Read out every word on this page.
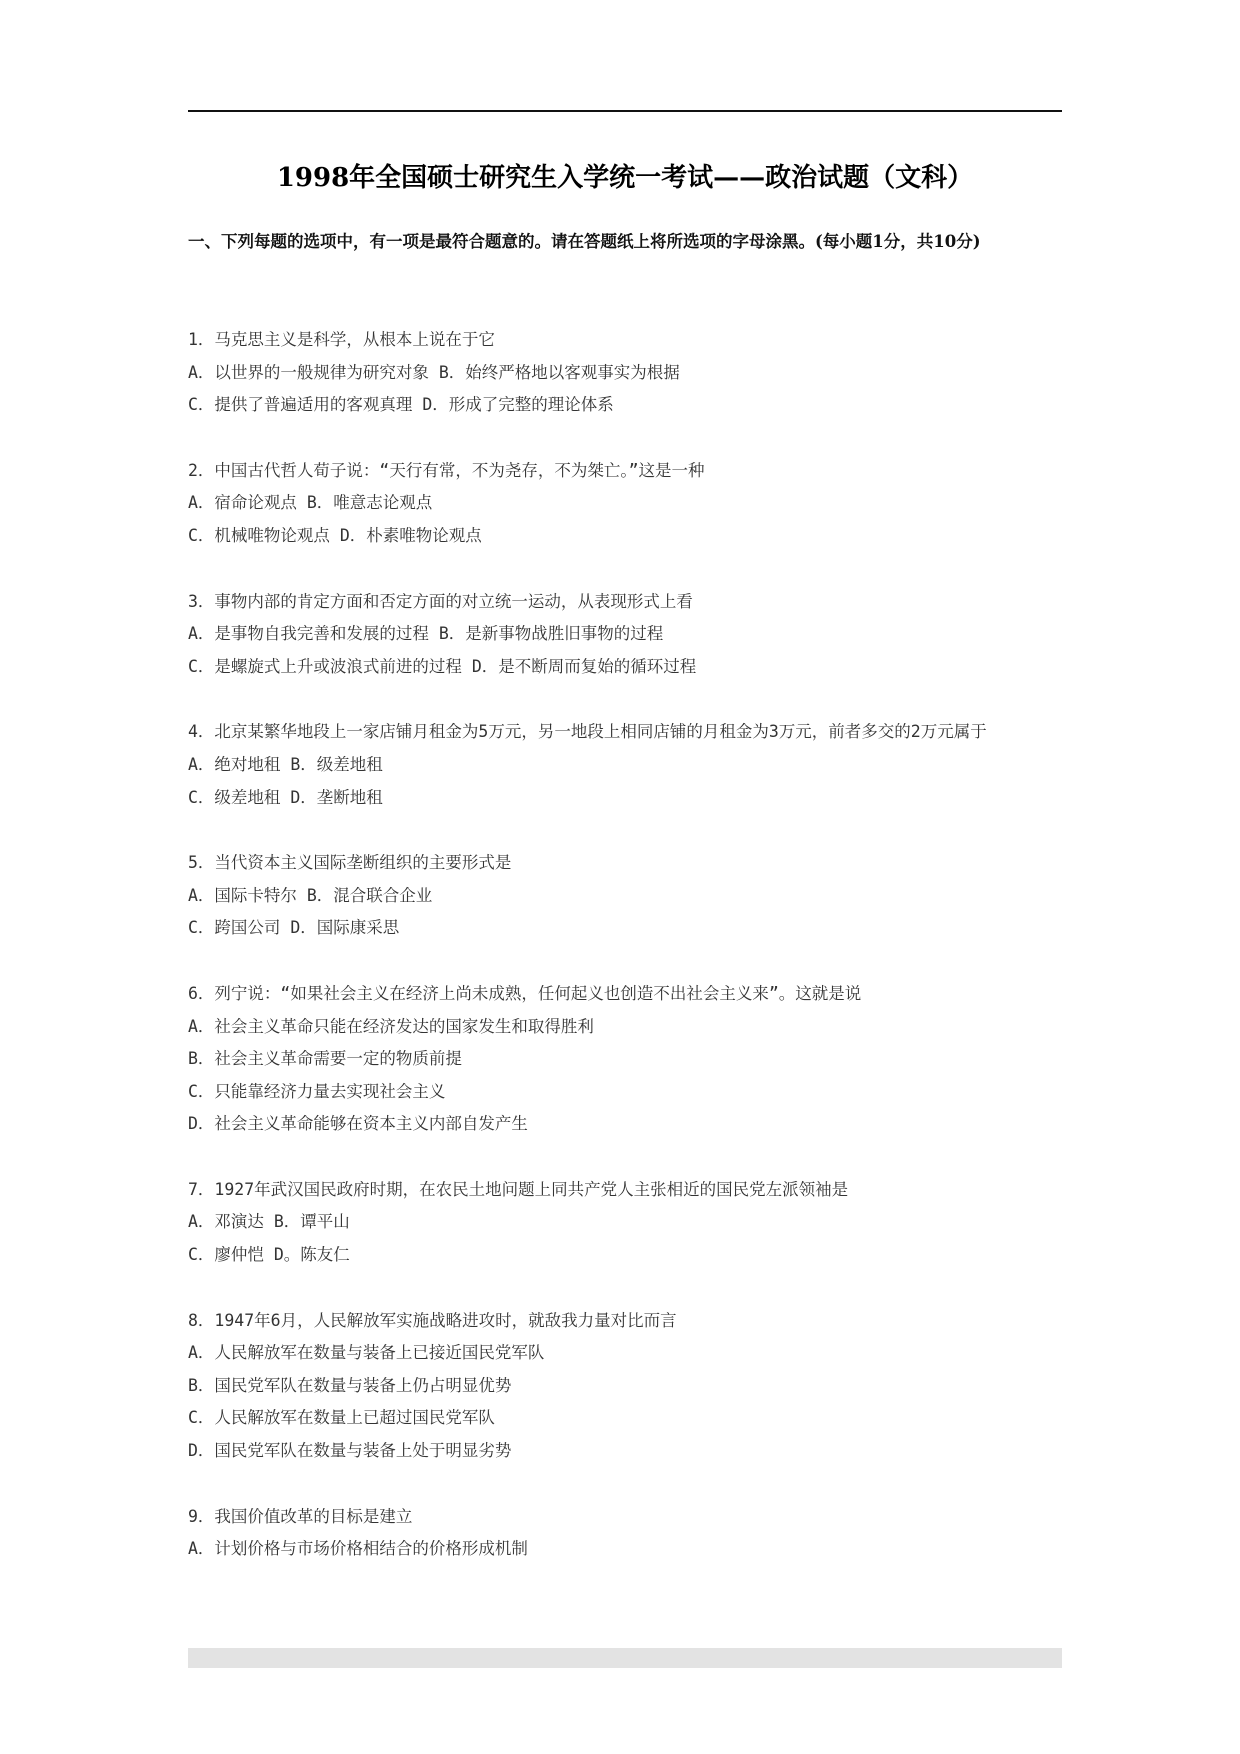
1998年全国硕士研究生入学统一考试——政治试题（文科）
一、下列每题的选项中，有一项是最符合题意的。请在答题纸上将所选项的字母涂黑。(每小题1分，共10分)
1．马克思主义是科学，从根本上说在于它
A．以世界的一般规律为研究对象 B．始终严格地以客观事实为根据
C．提供了普遍适用的客观真理 D．形成了完整的理论体系
2．中国古代哲人荀子说：“天行有常，不为尧存，不为桀亡。”这是一种
A．宿命论观点 B．唯意志论观点
C．机械唯物论观点 D．朴素唯物论观点
3．事物内部的肯定方面和否定方面的对立统一运动，从表现形式上看
A．是事物自我完善和发展的过程 B．是新事物战胜旧事物的过程
C．是螺旋式上升或波浪式前进的过程 D．是不断周而复始的循环过程
4．北京某繁华地段上一家店铺月租金为5万元，另一地段上相同店铺的月租金为3万元，前者多交的2万元属于
A．绝对地租 B．级差地租
C．级差地租 D．垄断地租
5．当代资本主义国际垄断组织的主要形式是
A．国际卡特尔 B．混合联合企业
C．跨国公司 D．国际康采思
6．列宁说：“如果社会主义在经济上尚未成熟，任何起义也创造不出社会主义来”。这就是说
A．社会主义革命只能在经济发达的国家发生和取得胜利
B．社会主义革命需要一定的物质前提
C．只能靠经济力量去实现社会主义
D．社会主义革命能够在资本主义内部自发产生
7．1927年武汉国民政府时期，在农民土地问题上同共产党人主张相近的国民党左派领袖是
A．邓演达 B．谭平山
C．廖仲恺 D。陈友仁
8．1947年6月，人民解放军实施战略进攻时，就敌我力量对比而言
A．人民解放军在数量与装备上已接近国民党军队
B．国民党军队在数量与装备上仍占明显优势
C．人民解放军在数量上已超过国民党军队
D．国民党军队在数量与装备上处于明显劣势
9．我国价值改革的目标是建立
A．计划价格与市场价格相结合的价格形成机制
